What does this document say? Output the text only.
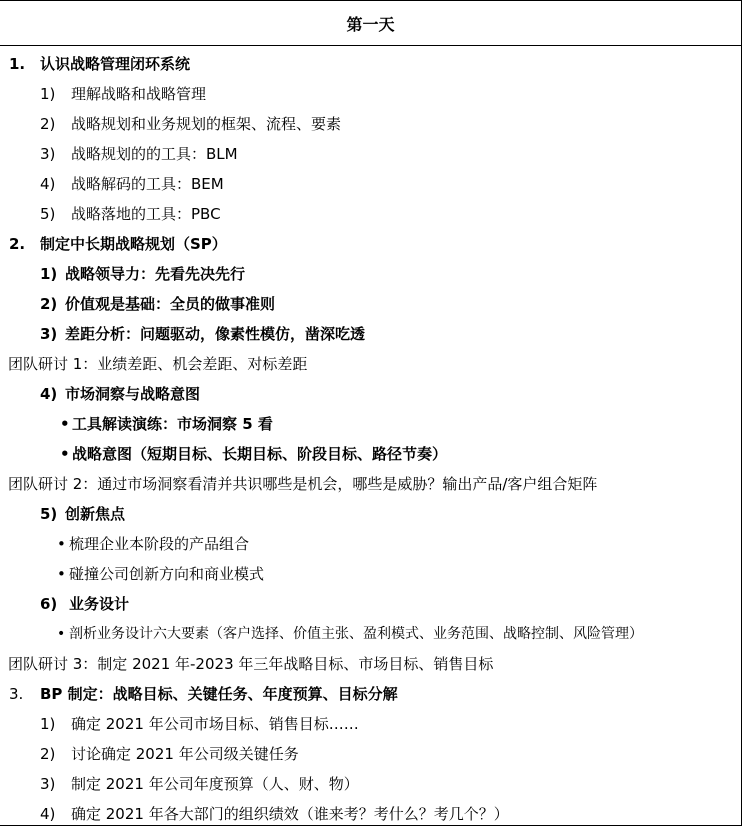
第一天
1. 认识战略管理闭环系统
1) 理解战略和战略管理
2) 战略规划和业务规划的框架、流程、要素
3) 战略规划的的工具：BLM
4) 战略解码的工具：BEM
5) 战略落地的工具：PBC
2. 制定中长期战略规划（SP）
1) 战略领导力：先看先决先行
2) 价值观是基础：全员的做事准则
3) 差距分析：问题驱动，像素性模仿，凿深吃透
团队研讨 1：业绩差距、机会差距、对标差距
4) 市场洞察与战略意图
• 工具解读演练：市场洞察 5 看
• 战略意图（短期目标、长期目标、阶段目标、路径节奏）
团队研讨 2：通过市场洞察看清并共识哪些是机会，哪些是威胁？输出产品/客户组合矩阵
5) 创新焦点
• 梳理企业本阶段的产品组合
• 碰撞公司创新方向和商业模式
6) 业务设计
• 剖析业务设计六大要素（客户选择、价值主张、盈利模式、业务范围、战略控制、风险管理）
团队研讨 3：制定 2021 年-2023 年三年战略目标、市场目标、销售目标
3. BP 制定：战略目标、关键任务、年度预算、目标分解
1) 确定 2021 年公司市场目标、销售目标……
2) 讨论确定 2021 年公司级关键任务
3) 制定 2021 年公司年度预算（人、财、物）
4) 确定 2021 年各大部门的组织绩效（谁来考？考什么？考几个？）
